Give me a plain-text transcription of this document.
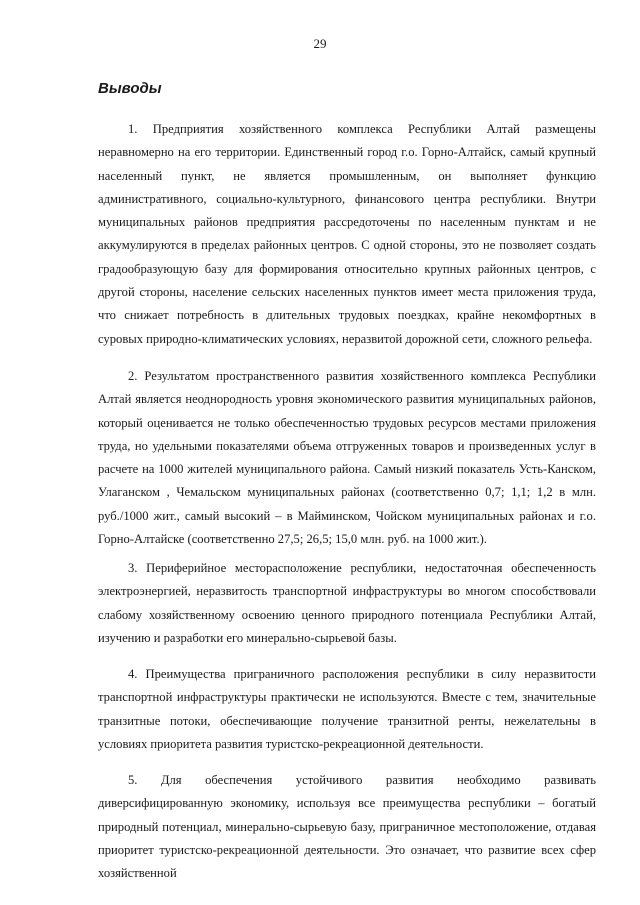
29
Выводы

1. Предприятия хозяйственного комплекса Республики Алтай размещены неравномерно на его территории. Единственный город г.о. Горно-Алтайск, самый крупный населенный пункт, не является промышленным, он выполняет функцию административного, социально-культурного, финансового центра республики. Внутри муниципальных районов предприятия рассредоточены по населенным пунктам и не аккумулируются в пределах районных центров. С одной стороны, это не позволяет создать градообразующую базу для формирования относительно крупных районных центров, с другой стороны, население сельских населенных пунктов имеет места приложения труда, что снижает потребность в длительных трудовых поездках, крайне некомфортных в суровых природно-климатических условиях, неразвитой дорожной сети, сложного рельефа.

2. Результатом пространственного развития хозяйственного комплекса Республики Алтай является неоднородность уровня экономического развития муниципальных районов, который оценивается не только обеспеченностью трудовых ресурсов местами приложения труда, но удельными показателями объема отгруженных товаров и произведенных услуг в расчете на 1000 жителей муниципального района. Самый низкий показатель Усть-Канском, Улаганском , Чемальском муниципальных районах (соответственно 0,7; 1,1; 1,2 в млн. руб./1000 жит., самый высокий – в Майминском, Чойском муниципальных районах и г.о. Горно-Алтайске (соответственно 27,5; 26,5; 15,0 млн. руб. на 1000 жит.).

3. Периферийное месторасположение республики, недостаточная обеспеченность электроэнергией, неразвитость транспортной инфраструктуры во многом способствовали слабому хозяйственному освоению ценного природного потенциала Республики Алтай, изучению и разработки его минерально-сырьевой базы.

4. Преимущества приграничного расположения республики в силу неразвитости транспортной инфраструктуры практически не используются. Вместе с тем, значительные транзитные потоки, обеспечивающие получение транзитной ренты, нежелательны в условиях приоритета развития туристско-рекреационной деятельности.

5. Для обеспечения устойчивого развития необходимо развивать диверсифицированную экономику, используя все преимущества республики – богатый природный потенциал, минерально-сырьевую базу, приграничное местоположение, отдавая приоритет туристско-рекреационной деятельности. Это означает, что развитие всех сфер хозяйственной
